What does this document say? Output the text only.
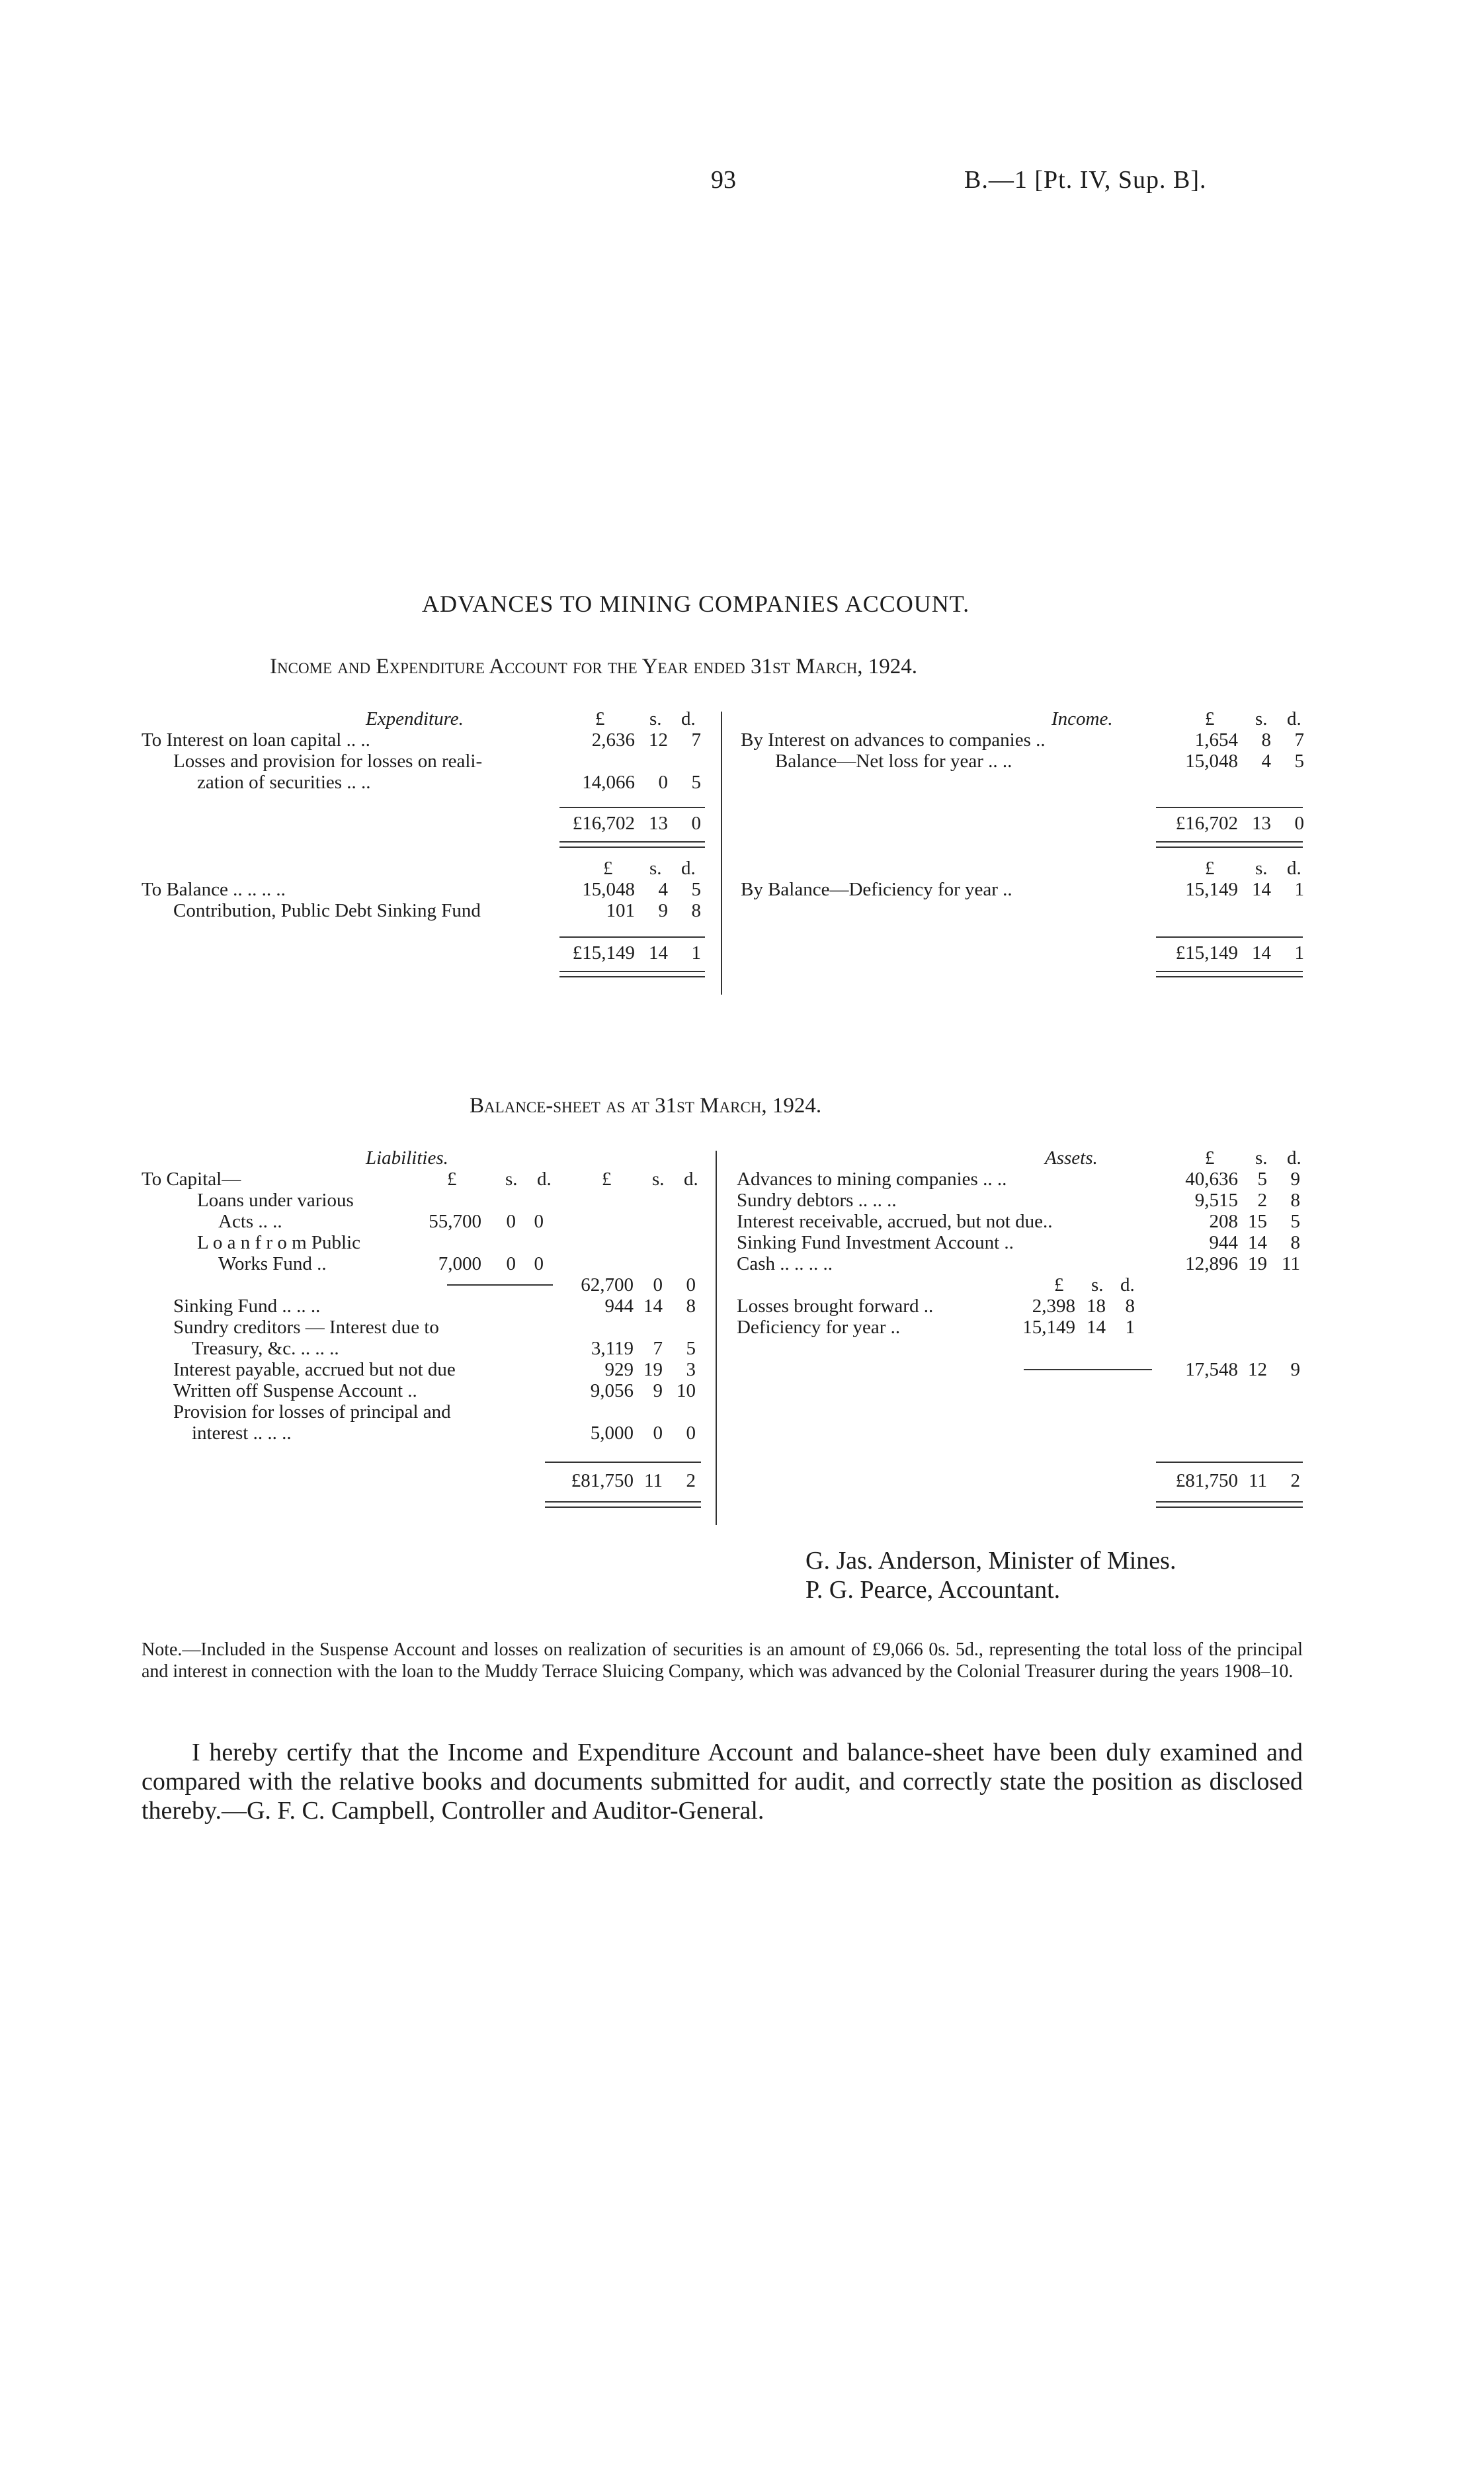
93	B.—1 [Pt. IV, Sup. B].
ADVANCES TO MINING COMPANIES ACCOUNT.
Income and Expenditure Account for the Year ended 31st March, 1924.
Expenditure.	£ s. d.
To Interest on loan capital .. ..	2,636 12	7
Losses and provision for losses on reali-
zation of securities .. ..	14,066	0	5
£16,702 13	0
£ s. d.
To Balance .. .. .. ..	15,048	4	5
Contribution, Public Debt Sinking Fund	101	9	8
£15,149 14	1
Income.	£ s. d.
By Interest on advances to companies ..	1,654	8	7
Balance—Net loss for year .. ..	15,048	4	5
£16,702 13	0
£ s. d.
By Balance—Deficiency for year ..	15,149 14	1
£15,149 14	1
Balance-sheet as at 31st March, 1924.
Liabilities.
To Capital—	£	s. d.	£ s. d.
Loans under various
Acts .. ..	55,700	0 0
L o a n f r o m Public
Works Fund ..	7,000	0 0
62,700	0	0
Sinking Fund .. .. ..	944 14	8
Sundry creditors — Interest due to
Treasury, &c. .. .. ..	3,119	7	5
Interest payable, accrued but not due	929 19	3
Written off Suspense Account ..	9,056	9 10
Provision for losses of principal and
interest .. .. ..	5,000	0	0
£81,750 11	2
Assets.	£ s. d.
Advances to mining companies .. ..	40,636	5	9
Sundry debtors .. .. ..	9,515	2	8
Interest receivable, accrued, but not due..	208 15	5
Sinking Fund Investment Account ..	944 14	8
Cash .. .. .. ..	12,896 19 11
£ s. d.
Losses brought forward ..	2,398 18	8
Deficiency for year ..	15,149 14	1
17,548 12	9
£81,750 11	2
G. Jas. Anderson, Minister of Mines.
P. G. Pearce, Accountant.
Note.—Included in the Suspense Account and losses on realization of securities is an amount of £9,066 0s. 5d., representing the total loss of the principal and interest in connection with the loan to the Muddy Terrace Sluicing Company, which was advanced by the Colonial Treasurer during the years 1908–10.
I hereby certify that the Income and Expenditure Account and balance-sheet have been duly examined and compared with the relative books and documents submitted for audit, and correctly state the position as disclosed thereby.—G. F. C. Campbell, Controller and Auditor-General.
